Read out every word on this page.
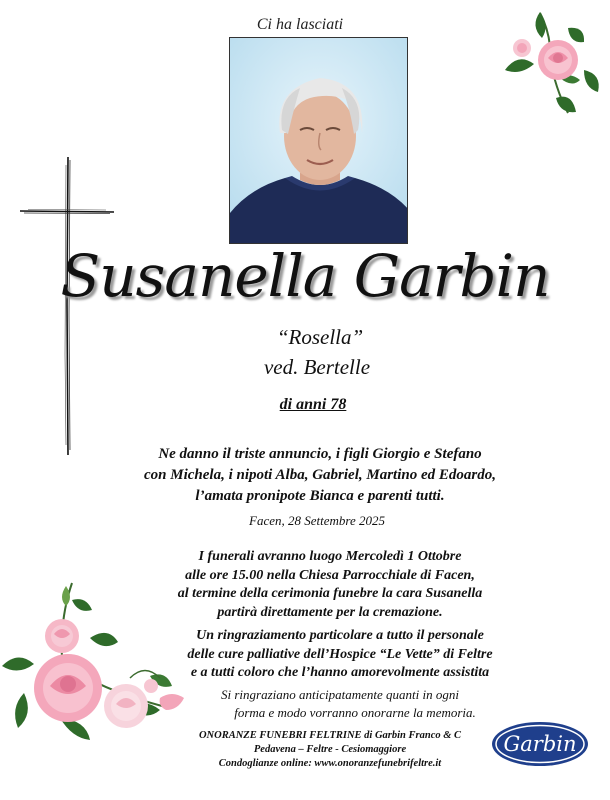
Ci ha lasciati
Susanella Garbin
“Rosella”
ved. Bertelle
di anni 78
Ne danno il triste annuncio, i figli Giorgio e Stefano
con Michela, i nipoti Alba, Gabriel, Martino ed Edoardo,
l’amata pronipote Bianca e parenti tutti.
Facen, 28 Settembre 2025
I funerali avranno luogo Mercoledì 1 Ottobre
alle ore 15.00 nella Chiesa Parrocchiale di Facen,
al termine della cerimonia funebre la cara Susanella
partirà direttamente per la cremazione.
Un ringraziamento particolare a tutto il personale
delle cure palliative dell’Hospice “Le Vette” di Feltre
e a tutti coloro che l’hanno amorevolmente assistita
Si ringraziano anticipatamente quanti in ogni
forma e modo vorranno onorarne la memoria.
ONORANZE FUNEBRI FELTRINE di Garbin Franco & C
Pedavena – Feltre - Cesiomaggiore
Condoglianze online: www.onoranzefunebrifeltre.it
Garbin
